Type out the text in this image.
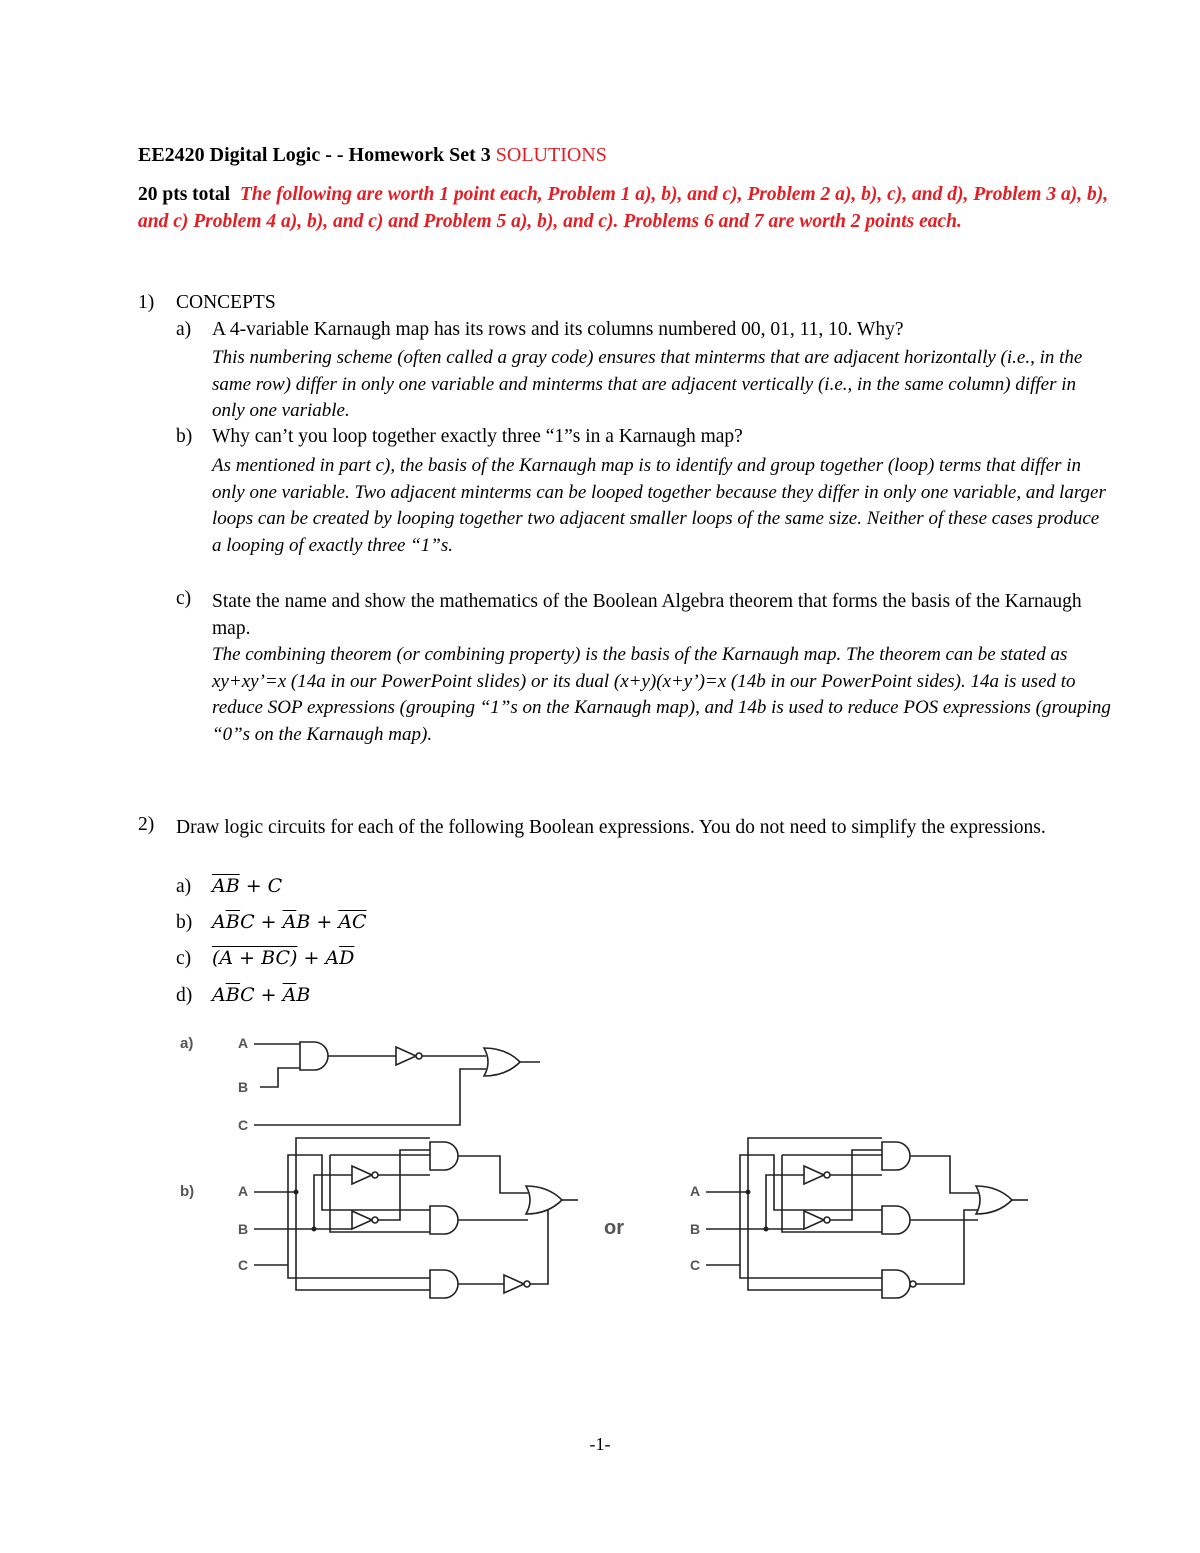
EE2420 Digital Logic - - Homework Set 3 SOLUTIONS
20 pts total The following are worth 1 point each, Problem 1 a), b), and c), Problem 2 a), b), c), and d), Problem 3 a), b), and c) Problem 4 a), b), and c) and Problem 5 a), b), and c). Problems 6 and 7 are worth 2 points each.
1) CONCEPTS
a) A 4-variable Karnaugh map has its rows and its columns numbered 00, 01, 11, 10. Why?
This numbering scheme (often called a gray code) ensures that minterms that are adjacent horizontally (i.e., in the same row) differ in only one variable and minterms that are adjacent vertically (i.e., in the same column) differ in only one variable.
b) Why can’t you loop together exactly three “1”s in a Karnaugh map?
As mentioned in part c), the basis of the Karnaugh map is to identify and group together (loop) terms that differ in only one variable. Two adjacent minterms can be looped together because they differ in only one variable, and larger loops can be created by looping together two adjacent smaller loops of the same size. Neither of these cases produce a looping of exactly three “1”s.
c) State the name and show the mathematics of the Boolean Algebra theorem that forms the basis of the Karnaugh map.
The combining theorem (or combining property) is the basis of the Karnaugh map. The theorem can be stated as xy+xy’=x (14a in our PowerPoint slides) or its dual (x+y)(x+y’)=x (14b in our PowerPoint sides). 14a is used to reduce SOP expressions (grouping “1”s on the Karnaugh map), and 14b is used to reduce POS expressions (grouping “0”s on the Karnaugh map).
2) Draw logic circuits for each of the following Boolean expressions. You do not need to simplify the expressions.
a) $\overline{AB} + C$
b) $A\overline{B}C + \overline{A}B + \overline{AC}$
c) $(A + BC) + A\overline{D}$
d) $A\overline{B}C + \overline{A}B$
a)	A
B
C
b)	A
B
C
or
A
B
C
-1-
